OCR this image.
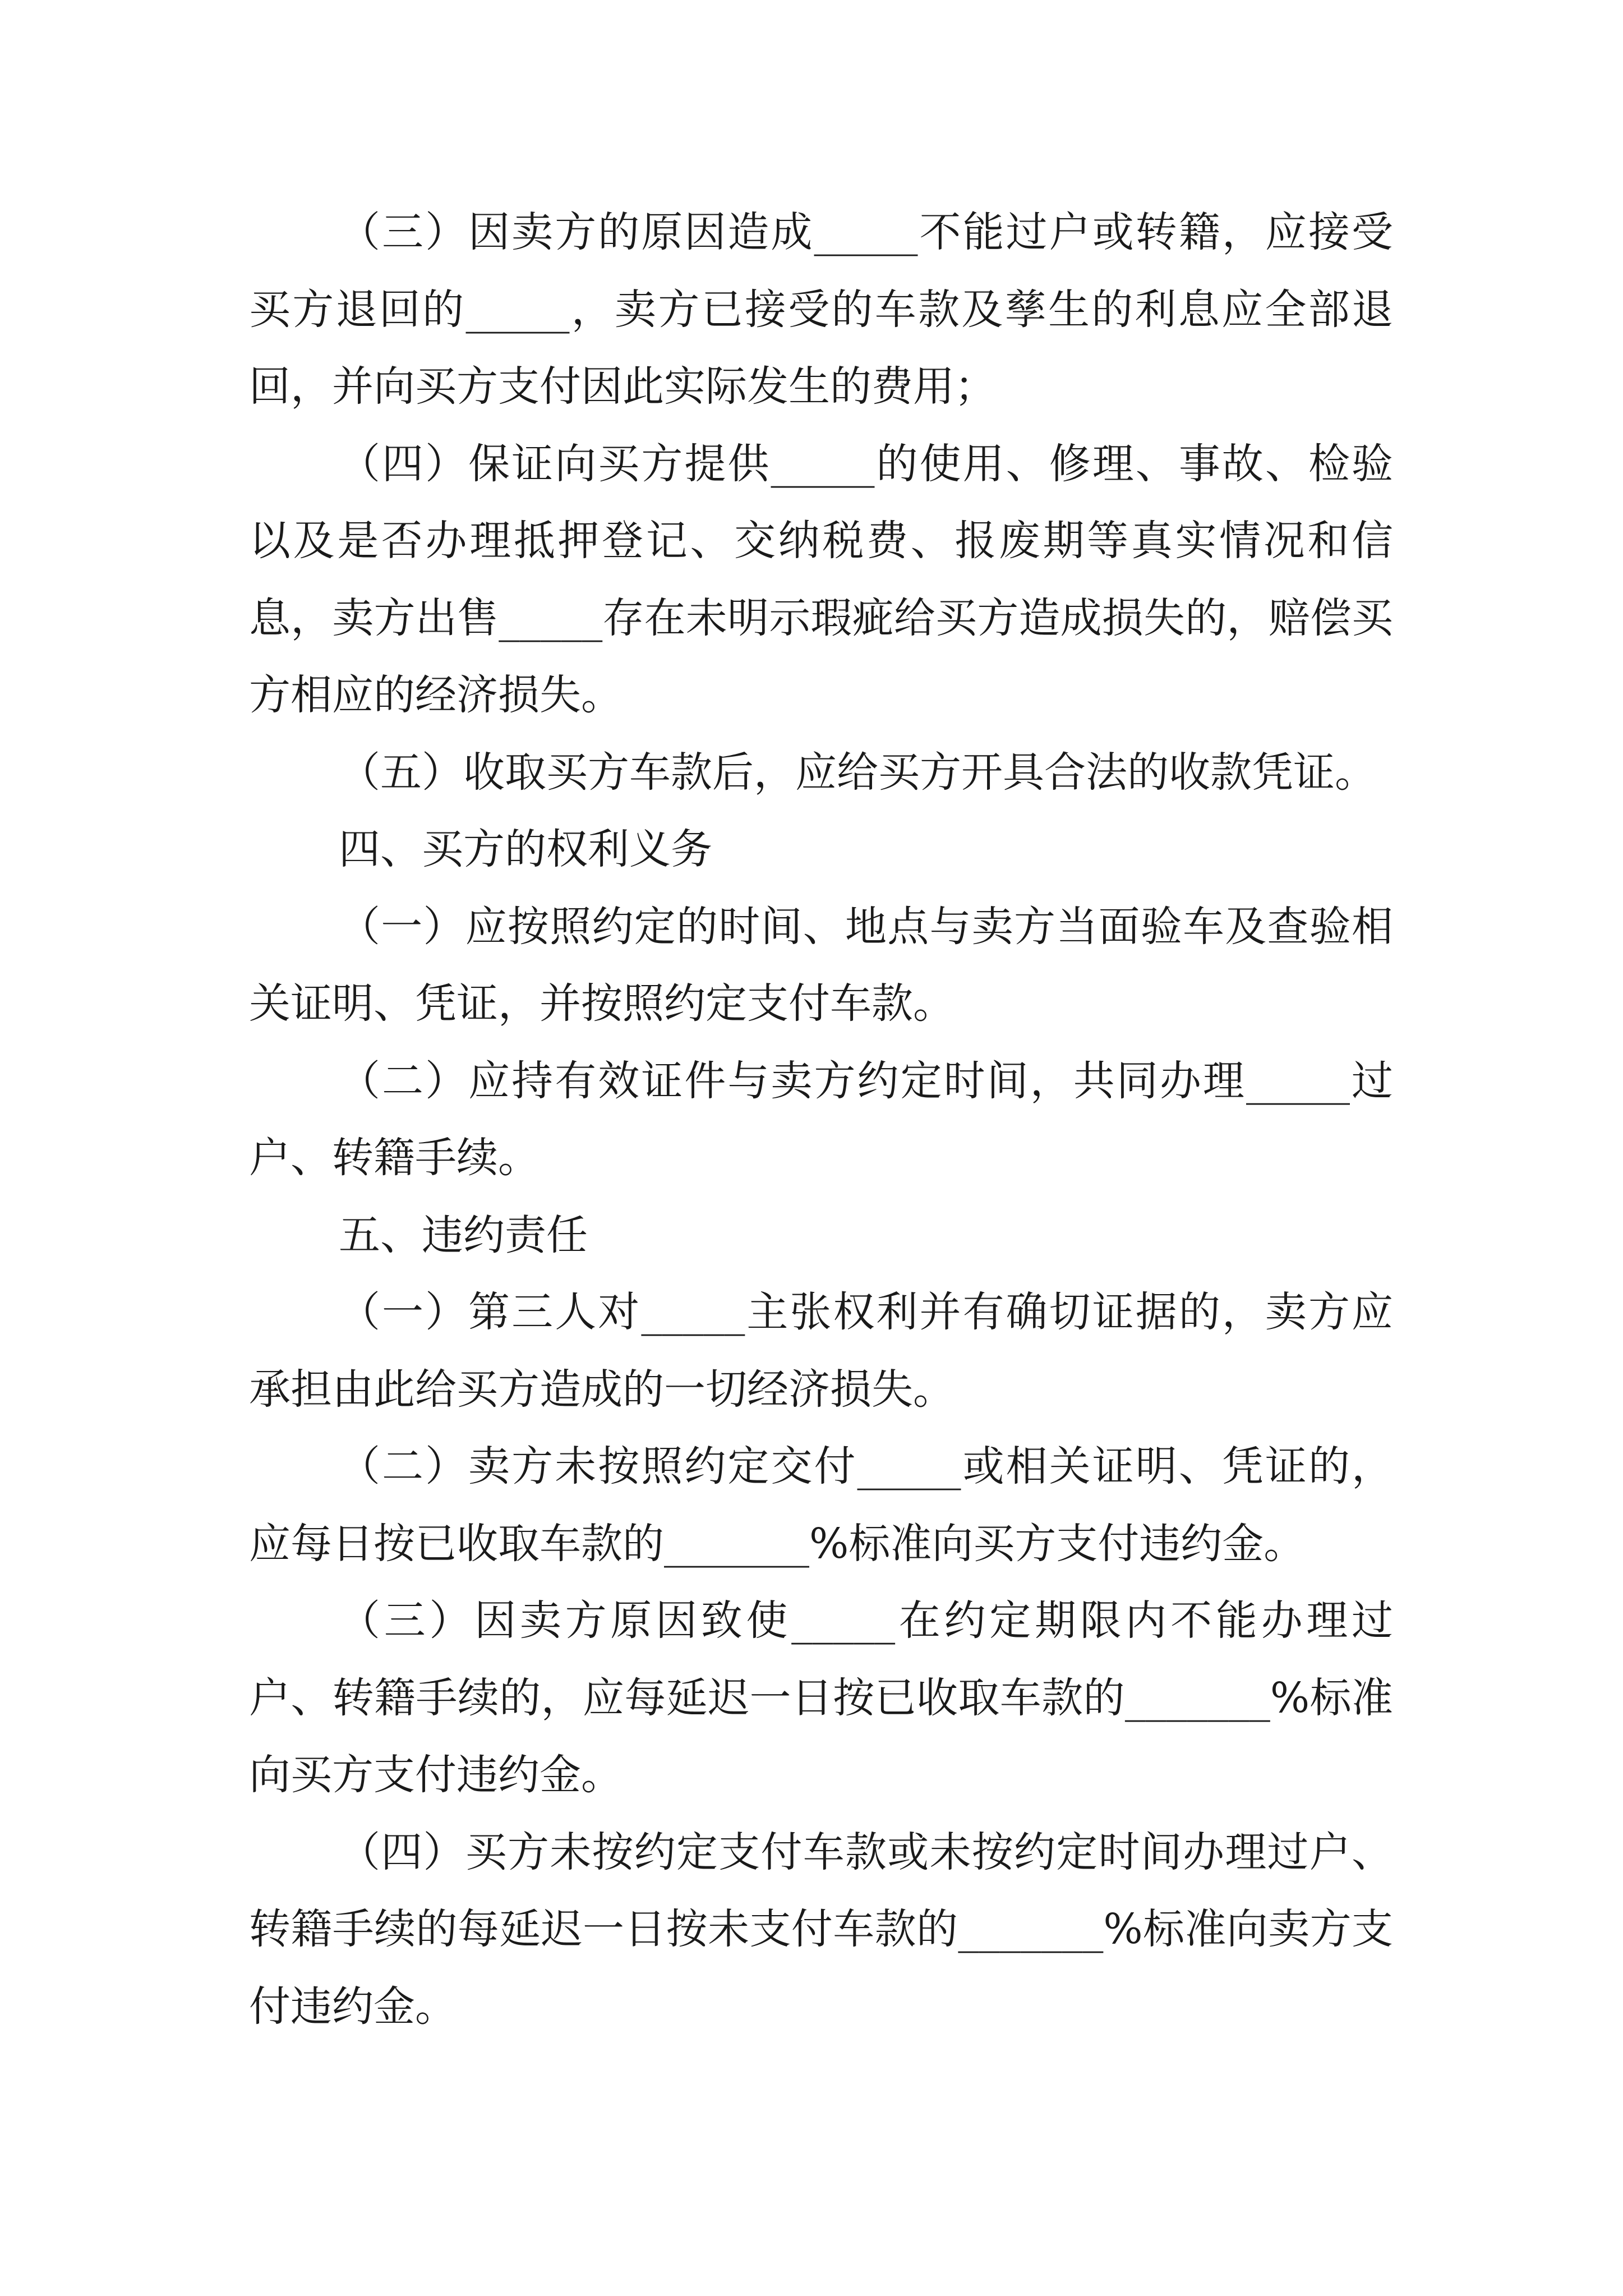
（三）因卖方的原因造成_____不能过户或转籍，应接受买方退回的_____，卖方已接受的车款及孳生的利息应全部退回，并向买方支付因此实际发生的费用；

（四）保证向买方提供_____的使用、修理、事故、检验以及是否办理抵押登记、交纳税费、报废期等真实情况和信息，卖方出售_____存在未明示瑕疵给买方造成损失的，赔偿买方相应的经济损失。

（五）收取买方车款后，应给买方开具合法的收款凭证。

四、买方的权利义务

（一）应按照约定的时间、地点与卖方当面验车及查验相关证明、凭证，并按照约定支付车款。

（二）应持有效证件与卖方约定时间，共同办理_____过户、转籍手续。

五、违约责任

（一）第三人对_____主张权利并有确切证据的，卖方应承担由此给买方造成的一切经济损失。

（二）卖方未按照约定交付_____或相关证明、凭证的，应每日按已收取车款的_______%标准向买方支付违约金。

（三）因卖方原因致使_____在约定期限内不能办理过户、转籍手续的，应每延迟一日按已收取车款的_______%标准向买方支付违约金。

（四）买方未按约定支付车款或未按约定时间办理过户、转籍手续的每延迟一日按未支付车款的_______%标准向卖方支付违约金。
